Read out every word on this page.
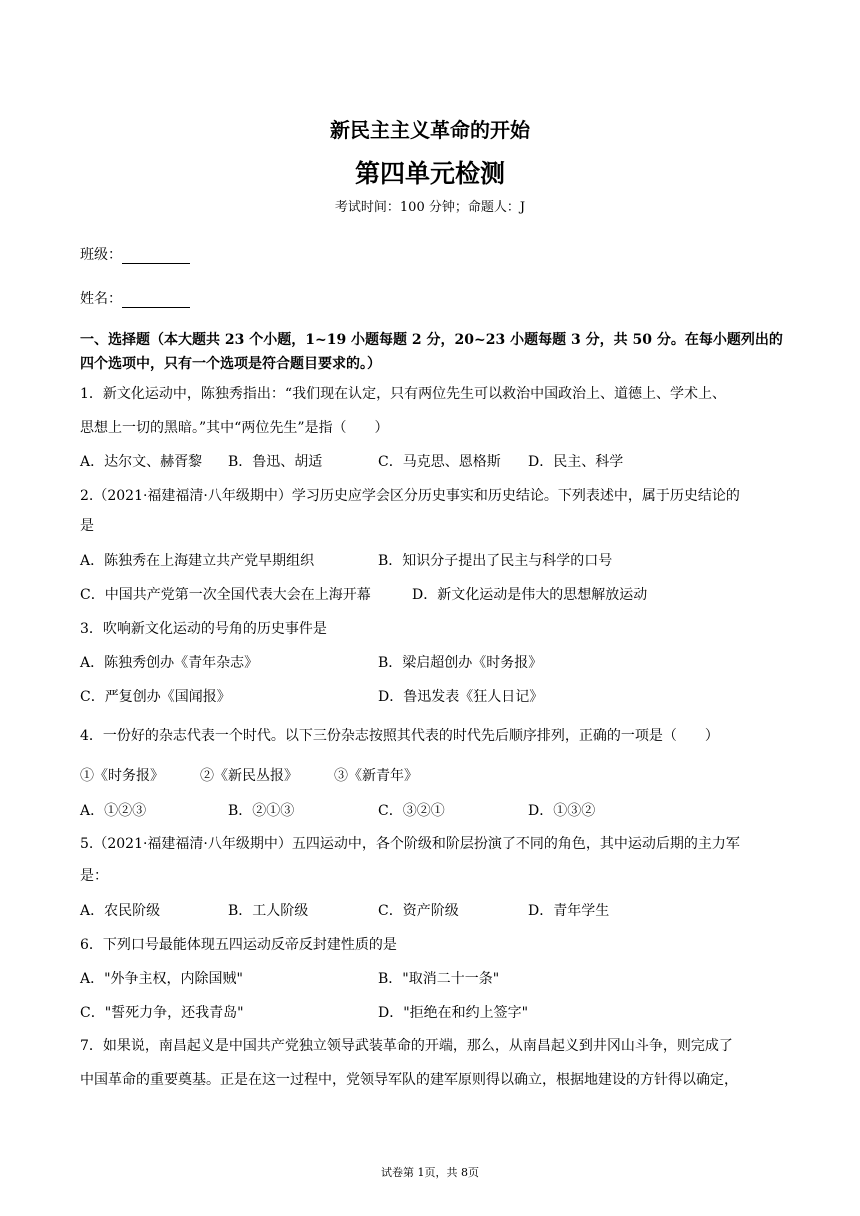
新民主主义革命的开始
第四单元检测
考试时间：100 分钟；命题人：J
班级：
姓名：
一、选择题（本大题共 23 个小题，1~19 小题每题 2 分，20~23 小题每题 3 分，共 50 分。在每小题列出的
四个选项中，只有一个选项是符合题目要求的。）
1．新文化运动中，陈独秀指出：“我们现在认定，只有两位先生可以救治中国政治上、道德上、学术上、
思想上一切的黑暗。”其中“两位先生”是指（　　）
A．达尔文、赫胥黎 B．鲁迅、胡适	C．马克思、恩格斯 D．民主、科学
2.（2021·福建福清·八年级期中）学习历史应学会区分历史事实和历史结论。下列表述中，属于历史结论的
是
A．陈独秀在上海建立共产党早期组织	B．知识分子提出了民主与科学的口号
C．中国共产党第一次全国代表大会在上海开幕	D．新文化运动是伟大的思想解放运动
3．吹响新文化运动的号角的历史事件是
A．陈独秀创办《青年杂志》	B．梁启超创办《时务报》
C．严复创办《国闻报》	D．鲁迅发表《狂人日记》
4．一份好的杂志代表一个时代。以下三份杂志按照其代表的时代先后顺序排列，正确的一项是（　　）
①《时务报》	②《新民丛报》	③《新青年》
A．①②③	B．②①③	C．③②①	D．①③②
5.（2021·福建福清·八年级期中）五四运动中，各个阶级和阶层扮演了不同的角色，其中运动后期的主力军
是：
A．农民阶级	B．工人阶级	C．资产阶级	D．青年学生
6．下列口号最能体现五四运动反帝反封建性质的是
A．"外争主权，内除国贼"	B．"取消二十一条"
C．"誓死力争，还我青岛"	D．"拒绝在和约上签字"
7．如果说，南昌起义是中国共产党独立领导武装革命的开端，那么，从南昌起义到井冈山斗争，则完成了
中国革命的重要奠基。正是在这一过程中，党领导军队的建军原则得以确立，根据地建设的方针得以确定，
试卷第 1页，共 8页
